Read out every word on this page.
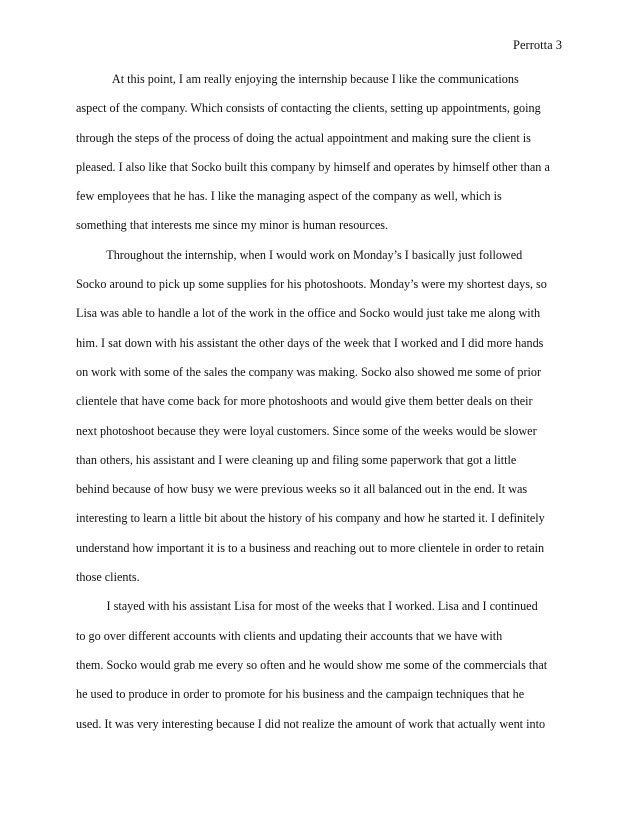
Perrotta 3
At this point, I am really enjoying the internship because I like the communications
aspect of the company. Which consists of contacting the clients, setting up appointments, going
through the steps of the process of doing the actual appointment and making sure the client is
pleased. I also like that Socko built this company by himself and operates by himself other than a
few employees that he has. I like the managing aspect of the company as well, which is
something that interests me since my minor is human resources.
Throughout the internship, when I would work on Monday’s I basically just followed
Socko around to pick up some supplies for his photoshoots. Monday’s were my shortest days, so
Lisa was able to handle a lot of the work in the office and Socko would just take me along with
him. I sat down with his assistant the other days of the week that I worked and I did more hands
on work with some of the sales the company was making. Socko also showed me some of prior
clientele that have come back for more photoshoots and would give them better deals on their
next photoshoot because they were loyal customers. Since some of the weeks would be slower
than others, his assistant and I were cleaning up and filing some paperwork that got a little
behind because of how busy we were previous weeks so it all balanced out in the end. It was
interesting to learn a little bit about the history of his company and how he started it. I definitely
understand how important it is to a business and reaching out to more clientele in order to retain
those clients.
I stayed with his assistant Lisa for most of the weeks that I worked. Lisa and I continued
to go over different accounts with clients and updating their accounts that we have with
them. Socko would grab me every so often and he would show me some of the commercials that
he used to produce in order to promote for his business and the campaign techniques that he
used. It was very interesting because I did not realize the amount of work that actually went into
